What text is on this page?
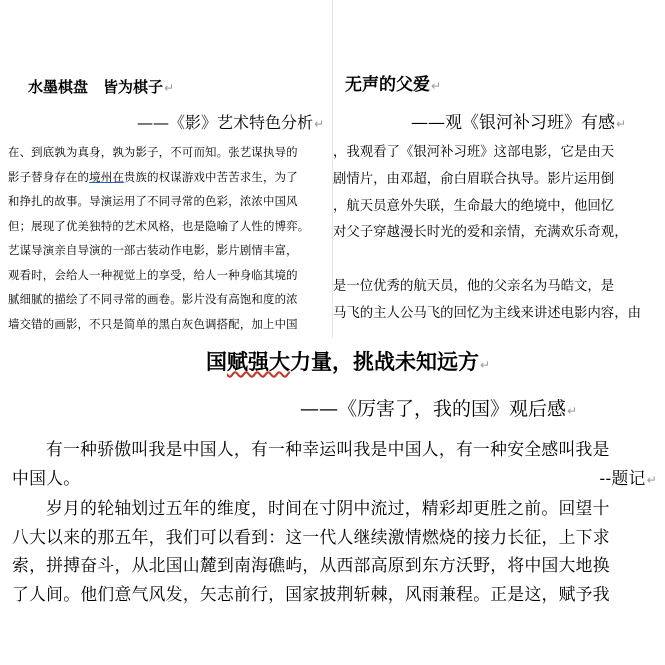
水墨棋盘　皆为棋子↵
——《影》艺术特色分析↵

在、到底孰为真身，孰为影子，不可而知。张艺谋执导的
影子替身存在的境州在贵族的权谋游戏中苦苦求生，为了
和挣扎的故事。导演运用了不同寻常的色彩，浓浓中国风
但；展现了优美独特的艺术风格，也是隐喻了人性的博弈。
艺谋导演亲自导演的一部古装动作电影，影片剧情丰富，
观看时，会给人一种视觉上的享受，给人一种身临其境的
腻细腻的描绘了不同寻常的画卷。影片没有高饱和度的浓
墙交错的画影，不只是简单的黑白灰色调搭配，加上中国

无声的父爱↵
——观《银河补习班》有感↵

，我观看了《银河补习班》这部电影，它是由天
剧情片，由邓超，俞白眉联合执导。影片运用倒
，航天员意外失联，生命最大的绝境中，他回忆
对父子穿越漫长时光的爱和亲情，充满欢乐奇观，

是一位优秀的航天员，他的父亲名为马皓文，是
马飞的主人公马飞的回忆为主线来讲述电影内容，由

国赋强大力量，挑战未知远方↵
——《厉害了，我的国》观后感↵
有一种骄傲叫我是中国人，有一种幸运叫我是中国人，有一种安全感叫我是
中国人。	--题记↵
岁月的轮轴划过五年的维度，时间在寸阴中流过，精彩却更胜之前。回望十
八大以来的那五年，我们可以看到：这一代人继续激情燃烧的接力长征，上下求
索，拼搏奋斗，从北国山麓到南海礁屿，从西部高原到东方沃野，将中国大地换
了人间。他们意气风发，矢志前行，国家披荆斩棘，风雨兼程。正是这，赋予我
